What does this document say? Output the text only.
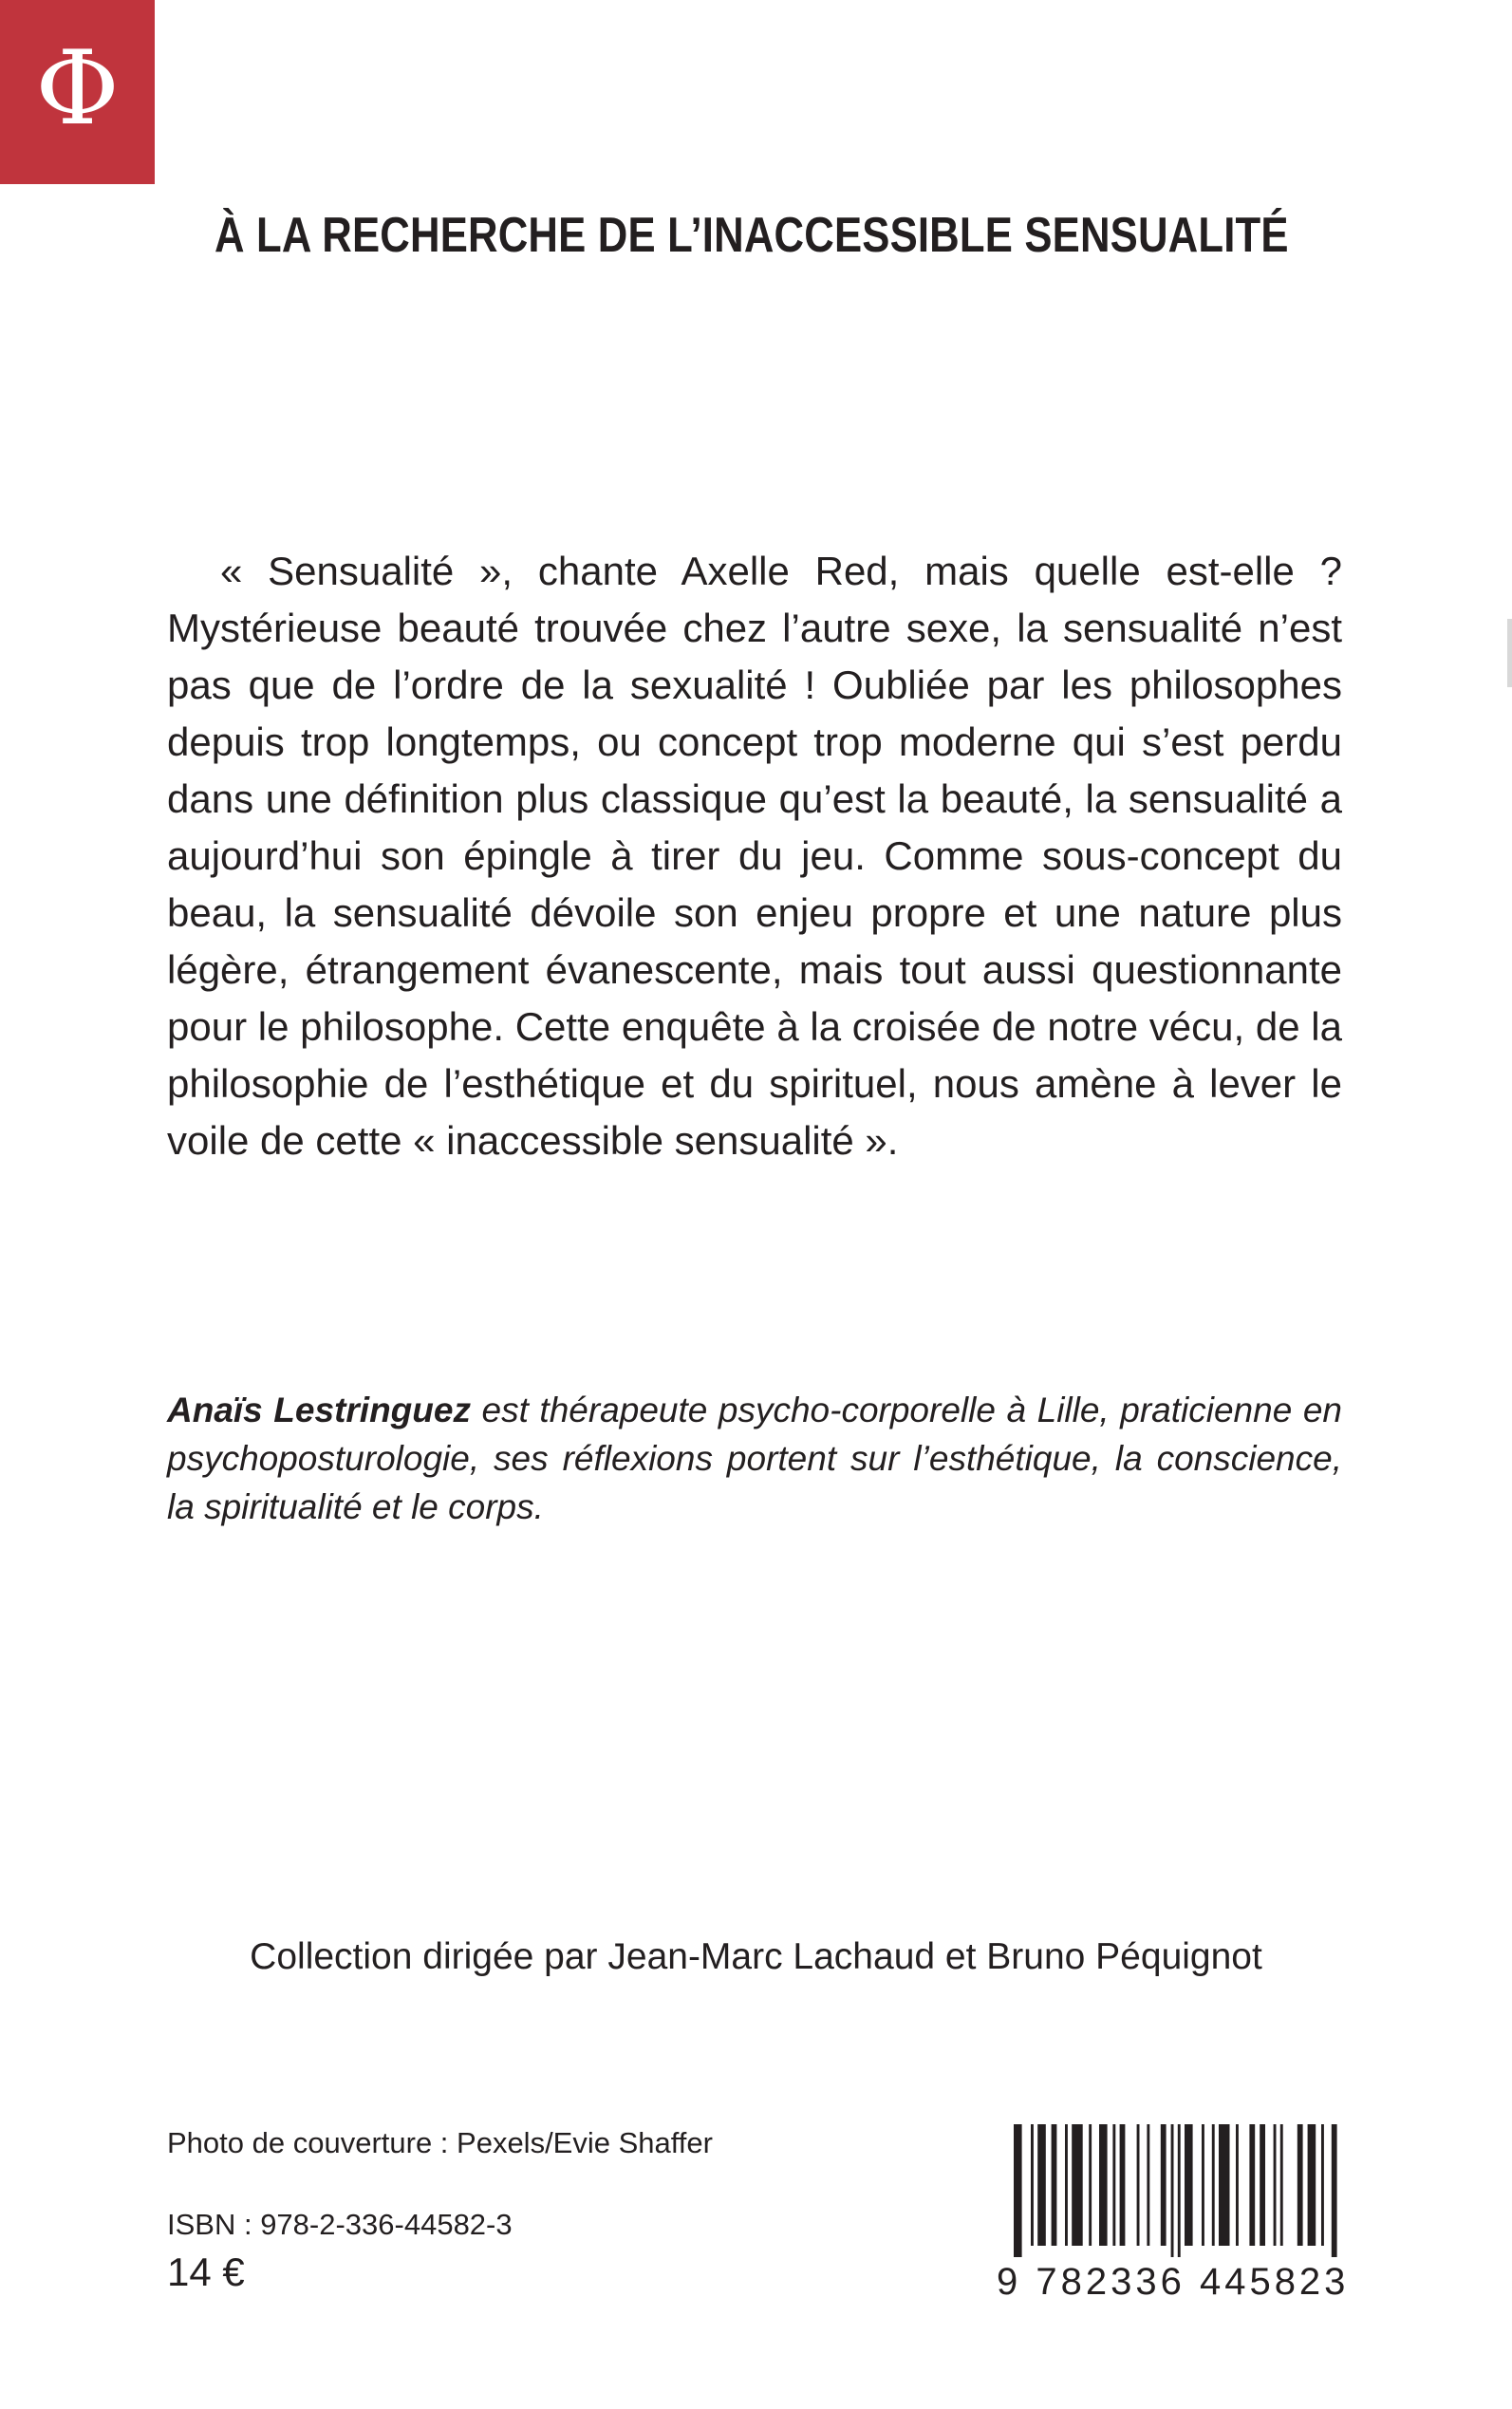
Φ
À LA RECHERCHE DE L’INACCESSIBLE SENSUALITÉ

« Sensualité », chante Axelle Red, mais quelle est-elle ? Mystérieuse beauté trouvée chez l’autre sexe, la sensualité n’est pas que de l’ordre de la sexualité ! Oubliée par les philosophes depuis trop longtemps, ou concept trop moderne qui s’est perdu dans une définition plus classique qu’est la beauté, la sensualité a aujourd’hui son épingle à tirer du jeu. Comme sous-concept du beau, la sensualité dévoile son enjeu propre et une nature plus légère, étrangement évanescente, mais tout aussi questionnante pour le philosophe. Cette enquête à la croisée de notre vécu, de la philosophie de l’esthétique et du spirituel, nous amène à lever le voile de cette « inaccessible sensualité ».

Anaïs Lestringuez est thérapeute psycho-corporelle à Lille, praticienne en psychoposturologie, ses réflexions portent sur l’esthétique, la conscience, la spiritualité et le corps.

Collection dirigée par Jean-Marc Lachaud et Bruno Péquignot
Photo de couverture : Pexels/Evie Shaffer
ISBN : 978-2-336-44582-3
14 €	9 782336 445823
